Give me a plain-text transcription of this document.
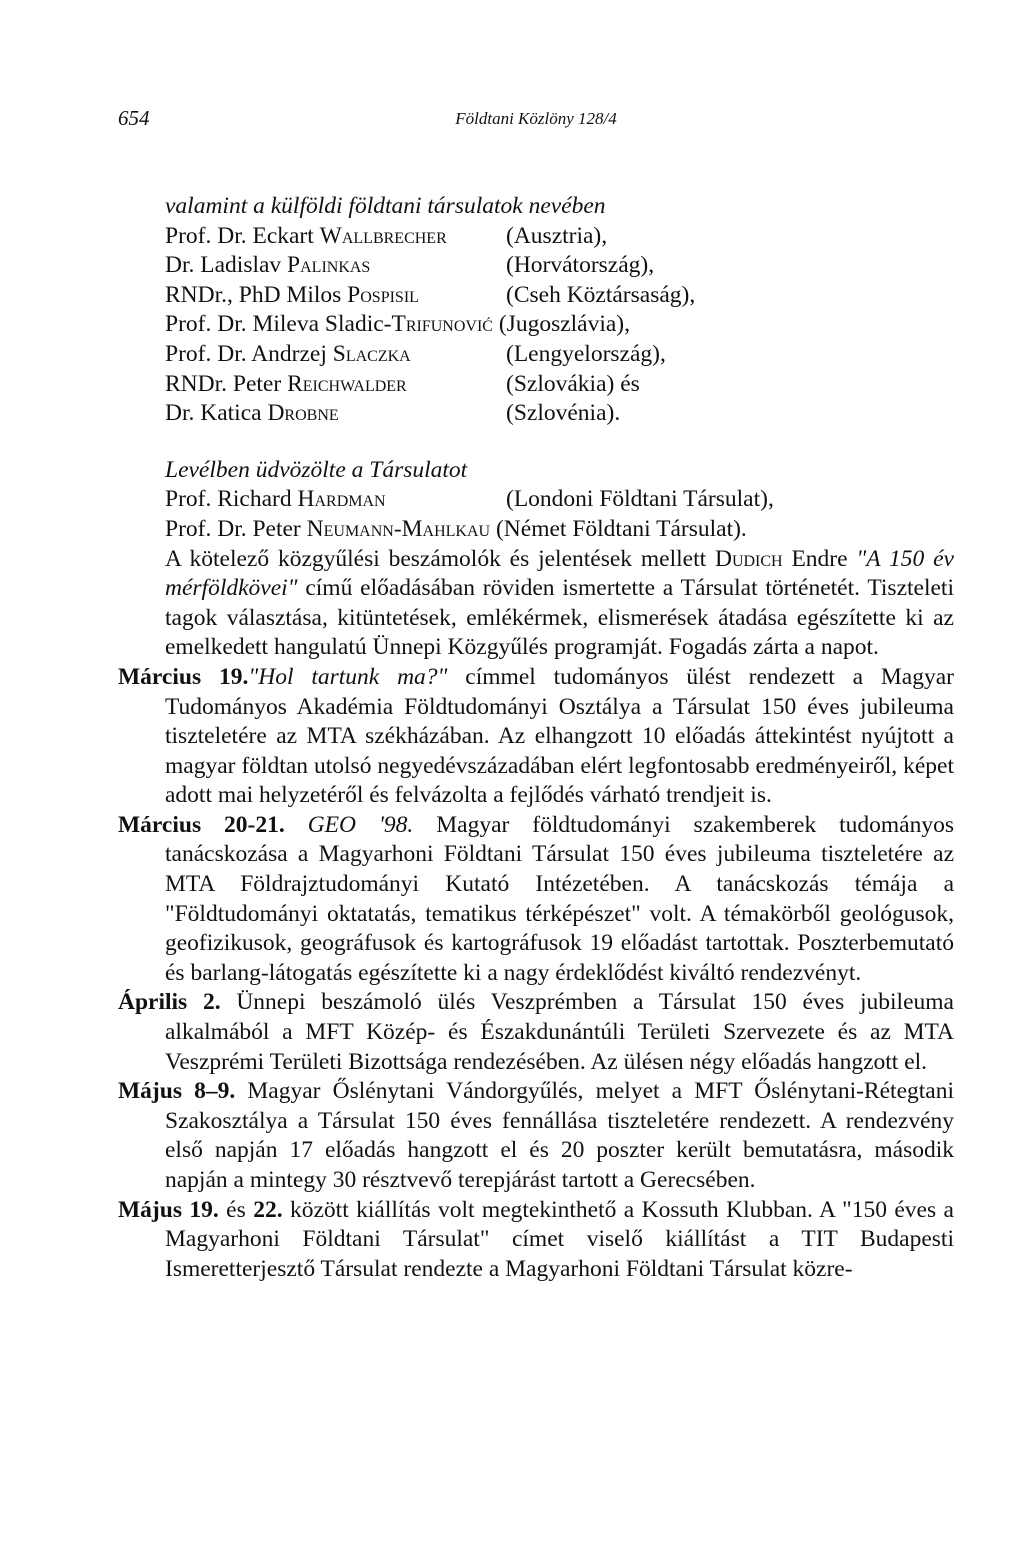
654	Földtani Közlöny 128/4
valamint a külföldi földtani társulatok nevében
Prof. Dr. Eckart Wallbrecher	(Ausztria),
Dr. Ladislav Palinkas	(Horvátország),
RNDr., PhD Milos Pospisil	(Cseh Köztársaság),
Prof. Dr. Mileva Sladic-Trifunović (Jugoszlávia),
Prof. Dr. Andrzej Slaczka	(Lengyelország),
RNDr. Peter Reichwalder	(Szlovákia) és
Dr. Katica Drobne	(Szlovénia).
Levélben üdvözölte a Társulatot
Prof. Richard Hardman	(Londoni Földtani Társulat),
Prof. Dr. Peter Neumann-Mahlkau (Német Földtani Társulat).
A kötelező közgyűlési beszámolók és jelentések mellett Dudich Endre "A 150 év mérföldkövei" című előadásában röviden ismertette a Társulat történetét. Tiszteleti tagok választása, kitüntetések, emlékérmek, elismerések átadása egészítette ki az emelkedett hangulatú Ünnepi Közgyűlés programját. Fogadás zárta a napot.
Március 19."Hol tartunk ma?" címmel tudományos ülést rendezett a Magyar Tudományos Akadémia Földtudományi Osztálya a Társulat 150 éves jubileuma tiszteletére az MTA székházában. Az elhangzott 10 előadás áttekintést nyújtott a magyar földtan utolsó negyedévszázadában elért legfontosabb eredményeiről, képet adott mai helyzetéről és felvázolta a fejlődés várható trendjeit is.
Március 20-21. GEO '98. Magyar földtudományi szakemberek tudományos tanácskozása a Magyarhoni Földtani Társulat 150 éves jubileuma tiszteletére az MTA Földrajztudományi Kutató Intézetében. A tanácskozás témája a "Földtudományi oktatatás, tematikus térképészet" volt. A témakörből geológusok, geofizikusok, geográfusok és kartográfusok 19 előadást tartottak. Poszterbemutató és barlang-látogatás egészítette ki a nagy érdeklődést kiváltó rendezvényt.
Április 2. Ünnepi beszámoló ülés Veszprémben a Társulat 150 éves jubileuma alkalmából a MFT Közép- és Északdunántúli Területi Szervezete és az MTA Veszprémi Területi Bizottsága rendezésében. Az ülésen négy előadás hangzott el.
Május 8–9. Magyar Őslénytani Vándorgyűlés, melyet a MFT Őslénytani-Rétegtani Szakosztálya a Társulat 150 éves fennállása tiszteletére rendezett. A rendezvény első napján 17 előadás hangzott el és 20 poszter került bemutatásra, második napján a mintegy 30 résztvevő terepjárást tartott a Gerecsében.
Május 19. és 22. között kiállítás volt megtekinthető a Kossuth Klubban. A "150 éves a Magyarhoni Földtani Társulat" címet viselő kiállítást a TIT Budapesti Ismeretterjesztő Társulat rendezte a Magyarhoni Földtani Társulat közre-
